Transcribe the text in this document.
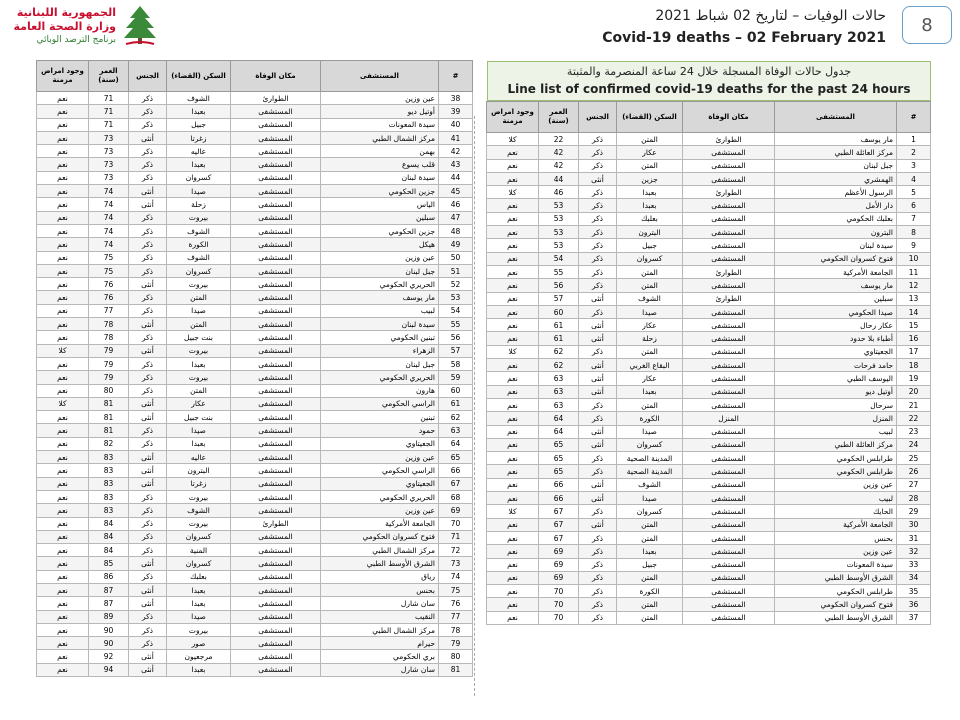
الجمهورية اللبنانية
وزارة الصحة العامة
برنامج الترصد الوبائي
حالات الوفيات – لتاريخ 02 شباط 2021
Covid-19 deaths – 02 February 2021
8
#	المستشفى	مكان الوفاة	السكن (القضاء)	الجنس	العمر (سنة)	وجود امراض مزمنة
38	عين وزين	الطوارئ	الشوف	ذكر	71	نعم
39	أوتيل ديو	المستشفى	بعبدا	ذكر	71	نعم
40	سيدة المعونات	المستشفى	جبيل	ذكر	71	نعم
41	مركز الشمال الطبي	المستشفى	زغرتا	أنثى	73	نعم
42	بهمن	المستشفى	عاليه	ذكر	73	نعم
43	قلب يسوع	المستشفى	بعبدا	ذكر	73	نعم
44	سيدة لبنان	المستشفى	كسروان	ذكر	73	نعم
45	جزين الحكومي	المستشفى	صيدا	أنثى	74	نعم
46	الياس	المستشفى	زحلة	أنثى	74	نعم
47	سبلين	المستشفى	بيروت	ذكر	74	نعم
48	جزين الحكومي	المستشفى	الشوف	ذكر	74	نعم
49	هيكل	المستشفى	الكورة	ذكر	74	نعم
50	عين وزين	المستشفى	الشوف	ذكر	75	نعم
51	جبل لبنان	المستشفى	كسروان	ذكر	75	نعم
52	الحريري الحكومي	المستشفى	بيروت	أنثى	76	نعم
53	مار يوسف	المستشفى	المتن	ذكر	76	نعم
54	لبيب	المستشفى	صيدا	ذكر	77	نعم
55	سيدة لبنان	المستشفى	المتن	أنثى	78	نعم
56	تبنين الحكومي	المستشفى	بنت جبيل	ذكر	78	نعم
57	الزهراء	المستشفى	بيروت	أنثى	79	كلا
58	جبل لبنان	المستشفى	بعبدا	ذكر	79	نعم
59	الحريري الحكومي	المستشفى	بيروت	ذكر	79	نعم
60	هارون	المستشفى	المتن	ذكر	80	نعم
61	الراسي الحكومي	المستشفى	عكار	أنثى	81	كلا
62	تبنين	المستشفى	بنت جبيل	أنثى	81	نعم
63	حمود	المستشفى	صيدا	ذكر	81	نعم
64	الجعيتاوي	المستشفى	بعبدا	ذكر	82	نعم
65	عين وزين	المستشفى	عاليه	أنثى	83	نعم
66	الراسي الحكومي	المستشفى	البترون	أنثى	83	نعم
67	الجعيتاوي	المستشفى	زغرتا	أنثى	83	نعم
68	الحريري الحكومي	المستشفى	بيروت	ذكر	83	نعم
69	عين وزين	المستشفى	الشوف	ذكر	83	نعم
70	الجامعة الأمركية	الطوارئ	بيروت	ذكر	84	نعم
71	فتوح كسروان الحكومي	المستشفى	كسروان	ذكر	84	نعم
72	مركز الشمال الطبي	المستشفى	المنية	ذكر	84	نعم
73	الشرق الأوسط الطبي	المستشفى	كسروان	أنثى	85	نعم
74	رياق	المستشفى	بعلبك	ذكر	86	نعم
75	بحنس	المستشفى	بعبدا	أنثى	87	نعم
76	سان شارل	المستشفى	بعبدا	أنثى	87	نعم
77	النقيب	المستشفى	صيدا	ذكر	89	نعم
78	مركز الشمال الطبي	المستشفى	بيروت	ذكر	90	نعم
79	حيرام	المستشفى	صور	ذكر	90	نعم
80	بري الحكومي	المستشفى	مرجعيون	أنثى	92	نعم
81	سان شارل	المستشفى	بعبدا	أنثى	94	نعم
جدول حالات الوفاة المسجلة خلال 24 ساعة المنصرمة والمثبتة
Line list of confirmed covid-19 deaths for the past 24 hours
#	المستشفى	مكان الوفاة	السكن (القضاء)	الجنس	العمر (سنة)	وجود امراض مزمنة
1	مار يوسف	الطوارئ	المتن	ذكر	22	كلا
2	مركز العائلة الطبي	المستشفى	عكار	ذكر	42	نعم
3	جبل لبنان	المستشفى	المتن	ذكر	42	نعم
4	الهمشري	المستشفى	جزين	أنثى	44	نعم
5	الرسول الأعظم	الطوارئ	بعبدا	ذكر	46	كلا
6	دار الأمل	المستشفى	بعبدا	ذكر	53	نعم
7	بعلبك الحكومي	المستشفى	بعلبك	ذكر	53	نعم
8	البترون	المستشفى	البترون	ذكر	53	نعم
9	سيدة لبنان	المستشفى	جبيل	ذكر	53	نعم
10	فتوح كسروان الحكومي	المستشفى	كسروان	ذكر	54	نعم
11	الجامعة الأمركية	الطوارئ	المتن	ذكر	55	نعم
12	مار يوسف	المستشفى	المتن	ذكر	56	نعم
13	سبلين	الطوارئ	الشوف	أنثى	57	نعم
14	صيدا الحكومي	المستشفى	صيدا	ذكر	60	نعم
15	عكار رحال	المستشفى	عكار	أنثى	61	نعم
16	أطباء بلا حدود	المستشفى	زحلة	أنثى	61	نعم
17	الجعيتاوي	المستشفى	المتن	ذكر	62	كلا
18	حامد فرحات	المستشفى	البقاع الغربي	أنثى	62	نعم
19	اليوسف الطبي	المستشفى	عكار	أنثى	63	نعم
20	أوتيل ديو	المستشفى	بعبدا	أنثى	63	نعم
21	سرحال	المستشفى	المتن	ذكر	63	نعم
22	المنزل	المنزل	الكورة	ذكر	64	نعم
23	لبيب	المستشفى	صيدا	أنثى	64	نعم
24	مركز العائلة الطبي	المستشفى	كسروان	أنثى	65	نعم
25	طرابلس الحكومي	المستشفى	المدينة الصحية	ذكر	65	نعم
26	طرابلس الحكومي	المستشفى	المدينة الصحية	ذكر	65	نعم
27	عين وزين	المستشفى	الشوف	أنثى	66	نعم
28	لبيب	المستشفى	صيدا	أنثى	66	نعم
29	الحايك	المستشفى	كسروان	ذكر	67	كلا
30	الجامعة الأمركية	المستشفى	المتن	أنثى	67	نعم
31	بحنس	المستشفى	المتن	ذكر	67	نعم
32	عين وزين	المستشفى	بعبدا	ذكر	69	نعم
33	سيدة المعونات	المستشفى	جبيل	ذكر	69	نعم
34	الشرق الأوسط الطبي	المستشفى	المتن	ذكر	69	نعم
35	طرابلس الحكومي	المستشفى	الكورة	ذكر	70	نعم
36	فتوح كسروان الحكومي	المستشفى	المتن	ذكر	70	نعم
37	الشرق الأوسط الطبي	المستشفى	المتن	ذكر	70	نعم
